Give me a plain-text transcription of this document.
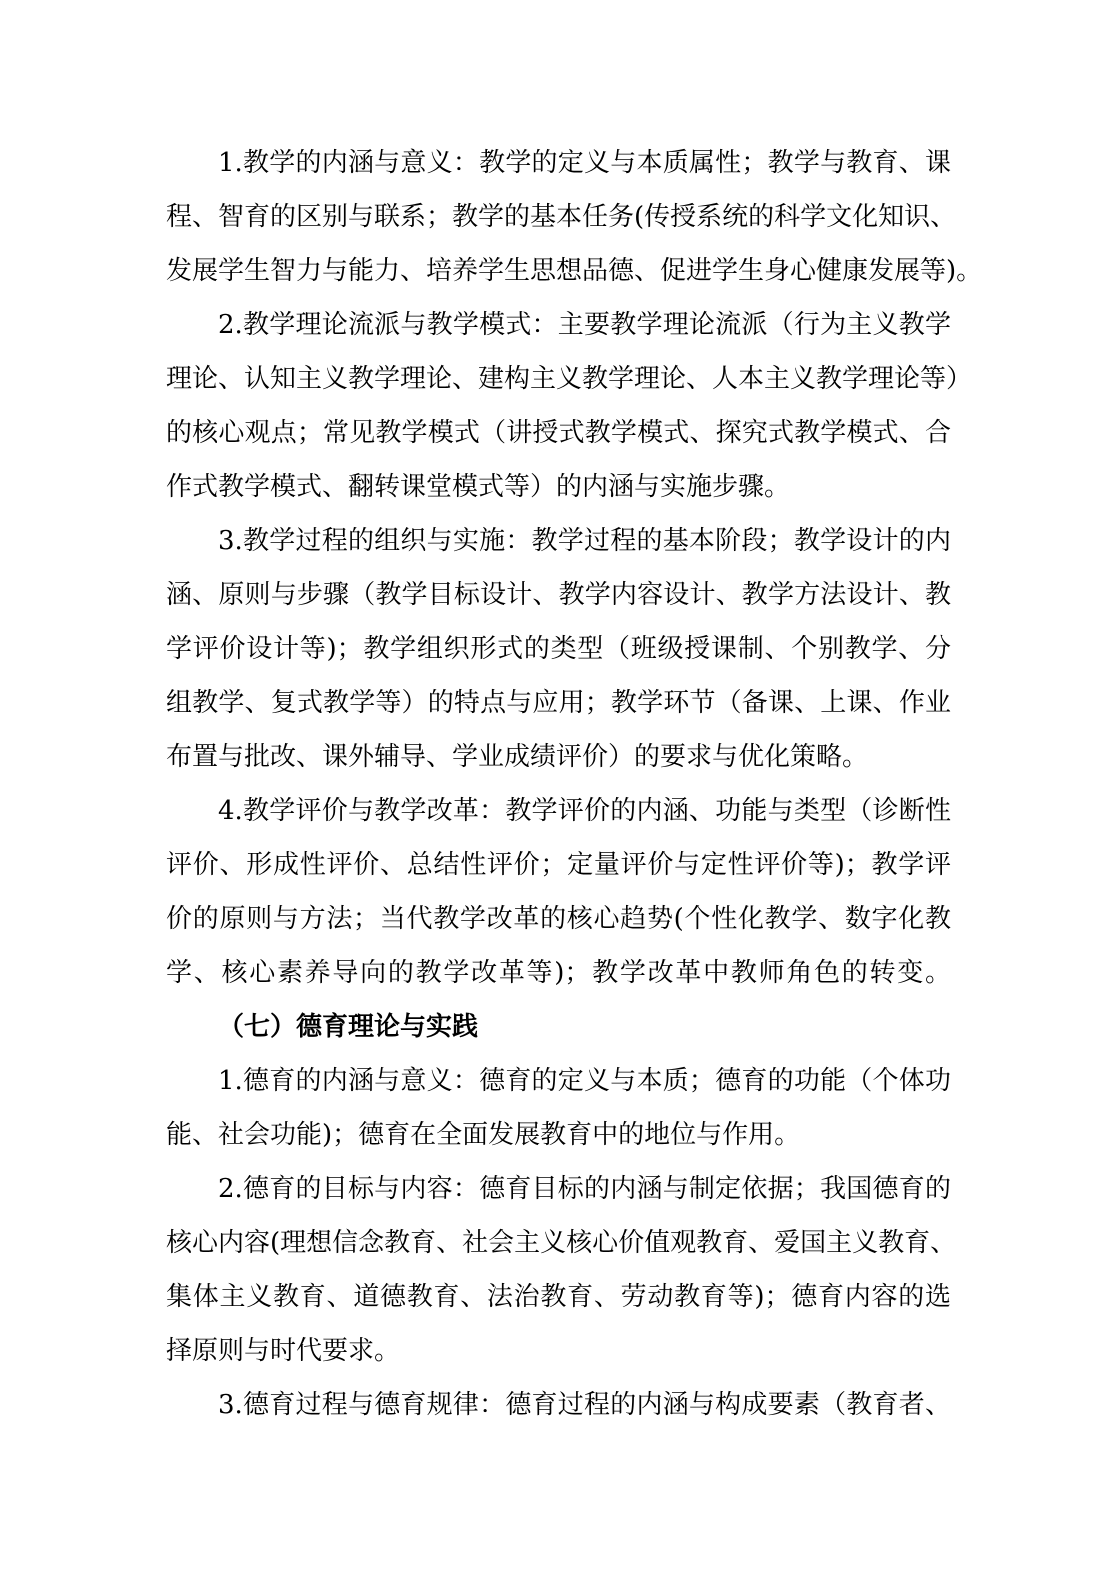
1.教学的内涵与意义：教学的定义与本质属性；教学与教育、课
程、智育的区别与联系；教学的基本任务(传授系统的科学文化知识、
发展学生智力与能力、培养学生思想品德、促进学生身心健康发展等)。
2.教学理论流派与教学模式：主要教学理论流派（行为主义教学
理论、认知主义教学理论、建构主义教学理论、人本主义教学理论等）
的核心观点；常见教学模式（讲授式教学模式、探究式教学模式、合
作式教学模式、翻转课堂模式等）的内涵与实施步骤。
3.教学过程的组织与实施：教学过程的基本阶段；教学设计的内
涵、原则与步骤（教学目标设计、教学内容设计、教学方法设计、教
学评价设计等)；教学组织形式的类型（班级授课制、个别教学、分
组教学、复式教学等）的特点与应用；教学环节（备课、上课、作业
布置与批改、课外辅导、学业成绩评价）的要求与优化策略。
4.教学评价与教学改革：教学评价的内涵、功能与类型（诊断性
评价、形成性评价、总结性评价；定量评价与定性评价等)；教学评
价的原则与方法；当代教学改革的核心趋势(个性化教学、数字化教
学、核心素养导向的教学改革等)；教学改革中教师角色的转变。
（七）德育理论与实践
1.德育的内涵与意义：德育的定义与本质；德育的功能（个体功
能、社会功能)；德育在全面发展教育中的地位与作用。
2.德育的目标与内容：德育目标的内涵与制定依据；我国德育的
核心内容(理想信念教育、社会主义核心价值观教育、爱国主义教育、
集体主义教育、道德教育、法治教育、劳动教育等)；德育内容的选
择原则与时代要求。
3.德育过程与德育规律：德育过程的内涵与构成要素（教育者、
